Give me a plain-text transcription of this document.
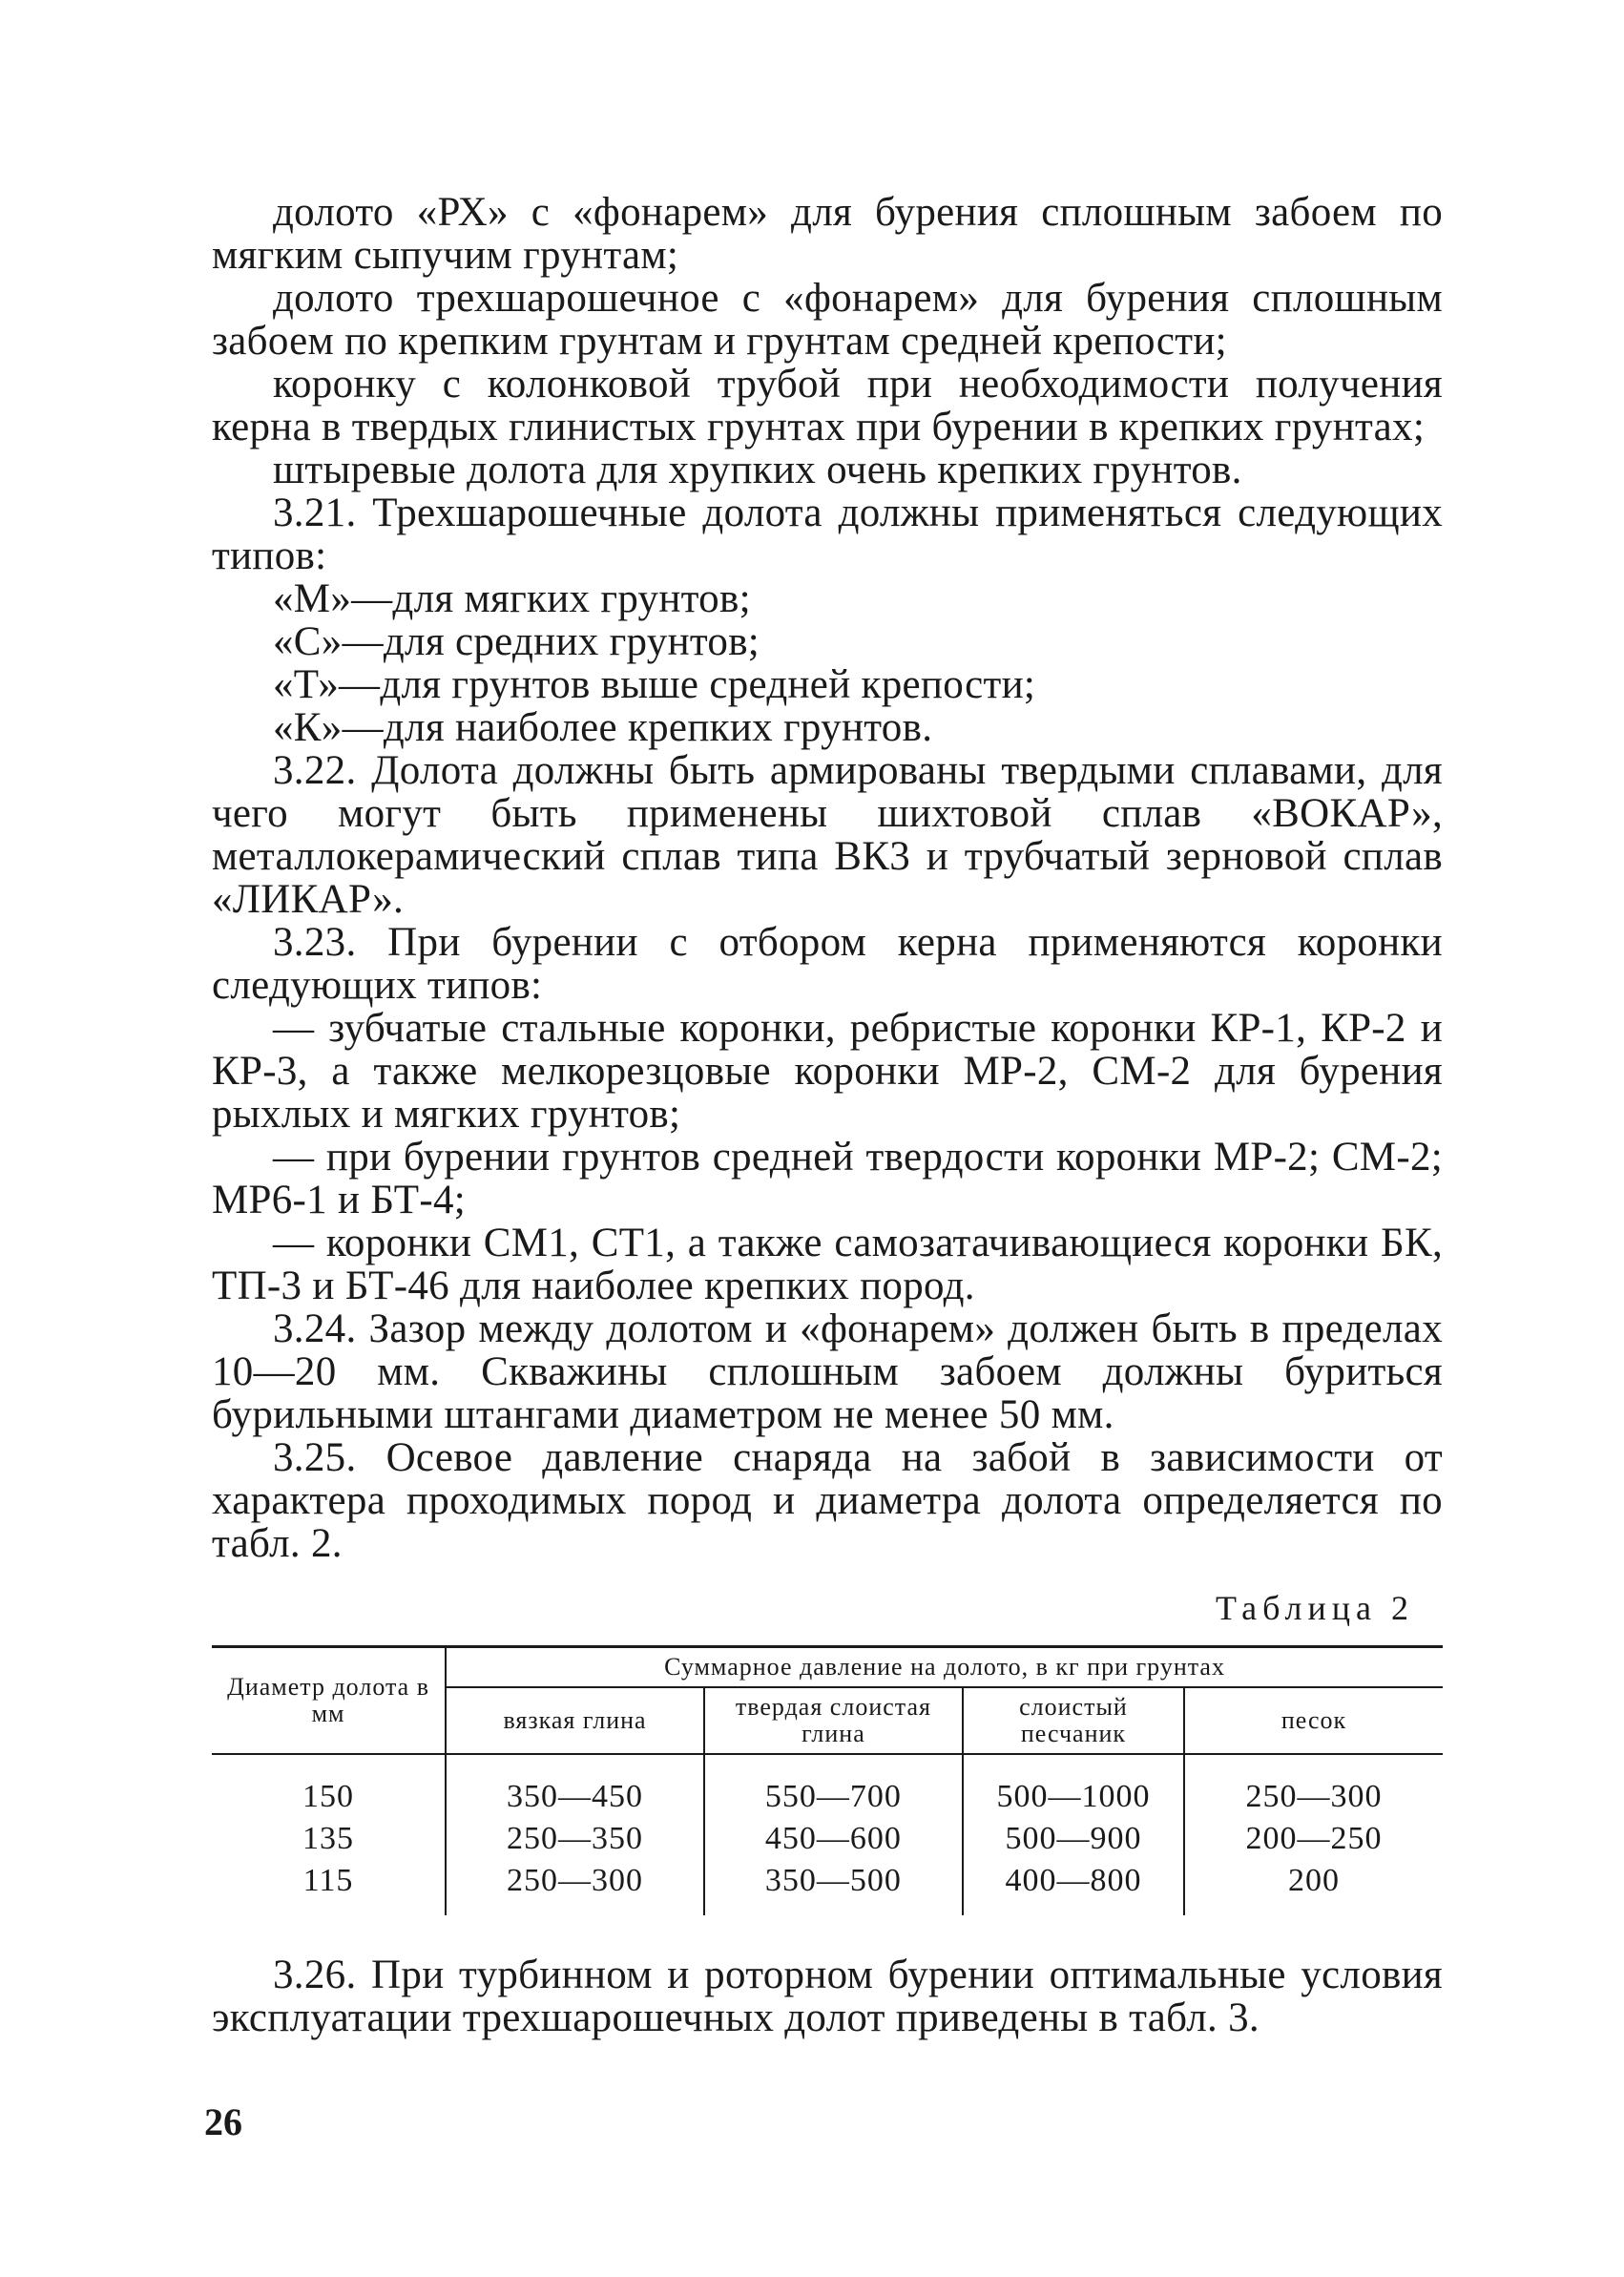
долото «РХ» с «фонарем» для бурения сплошным забоем по мягким сыпучим грунтам;

долото трехшарошечное с «фонарем» для бурения сплошным забоем по крепким грунтам и грунтам средней крепости;

коронку с колонковой трубой при необходимости получения керна в твердых глинистых грунтах при бурении в крепких грунтах;

штыревые долота для хрупких очень крепких грунтов.

3.21. Трехшарошечные долота должны применяться следующих типов:

«М»—для мягких грунтов;

«С»—для средних грунтов;

«Т»—для грунтов выше средней крепости;

«К»—для наиболее крепких грунтов.

3.22. Долота должны быть армированы твердыми сплавами, для чего могут быть применены шихтовой сплав «ВОКАР», металлокерамический сплав типа ВК3 и трубчатый зерновой сплав «ЛИКАР».

3.23. При бурении с отбором керна применяются коронки следующих типов:

— зубчатые стальные коронки, ребристые коронки КР-1, КР-2 и КР-3, а также мелкорезцовые коронки МР-2, СМ-2 для бурения рыхлых и мягких грунтов;

— при бурении грунтов средней твердости коронки МР-2; СМ-2; МР6-1 и БТ-4;

— коронки СМ1, СТ1, а также самозатачивающиеся коронки БК, ТП-3 и БТ-46 для наиболее крепких пород.

3.24. Зазор между долотом и «фонарем» должен быть в пределах 10—20 мм. Скважины сплошным забоем должны буриться бурильными штангами диаметром не менее 50 мм.

3.25. Осевое давление снаряда на забой в зависимости от характера проходимых пород и диаметра долота определяется по табл. 2.

Таблица 2
Диаметр долота в мм	Суммарное давление на долото, в кг при грунтах			
	вязкая глина	твердая слоистая глина	слоистый песчаник	песок
150	350—450	550—700	500—1000	250—300
135	250—350	450—600	500—900	200—250
115	250—300	350—500	400—800	200

3.26. При турбинном и роторном бурении оптимальные условия эксплуатации трехшарошечных долот приведены в табл. 3.

26
